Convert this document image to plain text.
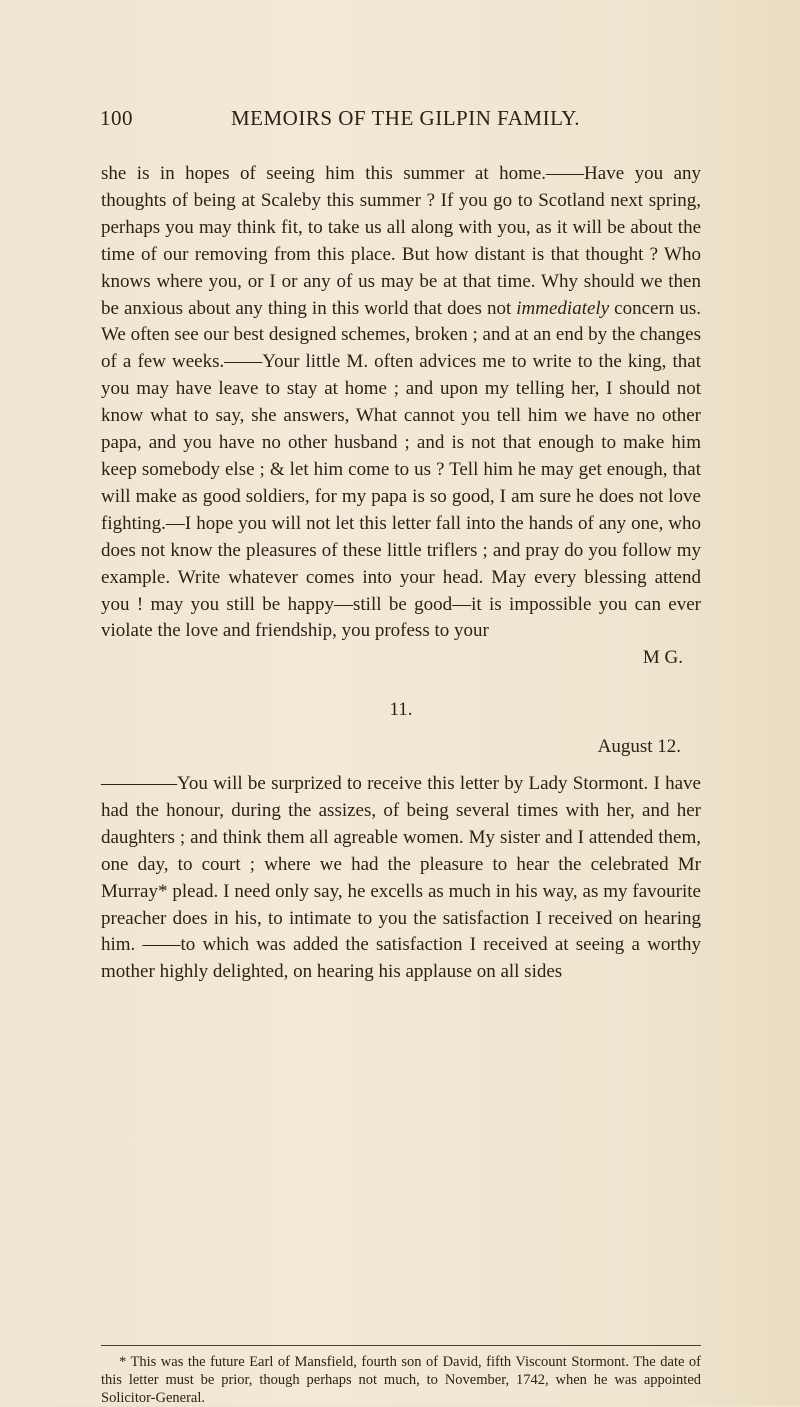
100	MEMOIRS OF THE GILPIN FAMILY.

she is in hopes of seeing him this summer at home.——Have you any thoughts of being at Scaleby this summer ? If you go to Scotland next spring, perhaps you may think fit, to take us all along with you, as it will be about the time of our removing from this place. But how distant is that thought ? Who knows where you, or I or any of us may be at that time. Why should we then be anxious about any thing in this world that does not immediately concern us. We often see our best designed schemes, broken ; and at an end by the changes of a few weeks.——Your little M. often advices me to write to the king, that you may have leave to stay at home ; and upon my telling her, I should not know what to say, she answers, What cannot you tell him we have no other papa, and you have no other husband ; and is not that enough to make him keep somebody else ; & let him come to us ? Tell him he may get enough, that will make as good soldiers, for my papa is so good, I am sure he does not love fighting.—I hope you will not let this letter fall into the hands of any one, who does not know the pleasures of these little triflers ; and pray do you follow my example. Write whatever comes into your head. May every blessing attend you ! may you still be happy—still be good—it is impossible you can ever violate the love and friendship, you profess to your

M G.

11.

August 12.

————You will be surprized to receive this letter by Lady Stormont. I have had the honour, during the assizes, of being several times with her, and her daughters ; and think them all agreable women. My sister and I attended them, one day, to court ; where we had the pleasure to hear the celebrated Mr Murray* plead. I need only say, he excells as much in his way, as my favourite preacher does in his, to intimate to you the satisfaction I received on hearing him. ——to which was added the satisfaction I received at seeing a worthy mother highly delighted, on hearing his applause on all sides

* This was the future Earl of Mansfield, fourth son of David, fifth Viscount Stormont. The date of this letter must be prior, though perhaps not much, to November, 1742, when he was appointed Solicitor-General.
